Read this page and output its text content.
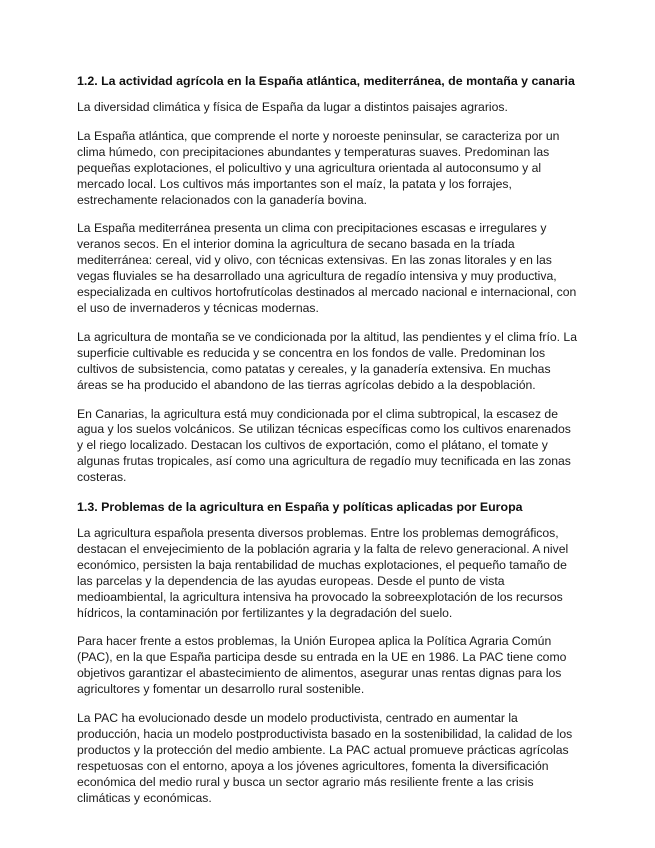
1.2. La actividad agrícola en la España atlántica, mediterránea, de montaña y canaria

La diversidad climática y física de España da lugar a distintos paisajes agrarios.

La España atlántica, que comprende el norte y noroeste peninsular, se caracteriza por un clima húmedo, con precipitaciones abundantes y temperaturas suaves. Predominan las pequeñas explotaciones, el policultivo y una agricultura orientada al autoconsumo y al mercado local. Los cultivos más importantes son el maíz, la patata y los forrajes, estrechamente relacionados con la ganadería bovina.

La España mediterránea presenta un clima con precipitaciones escasas e irregulares y veranos secos. En el interior domina la agricultura de secano basada en la tríada mediterránea: cereal, vid y olivo, con técnicas extensivas. En las zonas litorales y en las vegas fluviales se ha desarrollado una agricultura de regadío intensiva y muy productiva, especializada en cultivos hortofrutícolas destinados al mercado nacional e internacional, con el uso de invernaderos y técnicas modernas.

La agricultura de montaña se ve condicionada por la altitud, las pendientes y el clima frío. La superficie cultivable es reducida y se concentra en los fondos de valle. Predominan los cultivos de subsistencia, como patatas y cereales, y la ganadería extensiva. En muchas áreas se ha producido el abandono de las tierras agrícolas debido a la despoblación.

En Canarias, la agricultura está muy condicionada por el clima subtropical, la escasez de agua y los suelos volcánicos. Se utilizan técnicas específicas como los cultivos enarenados y el riego localizado. Destacan los cultivos de exportación, como el plátano, el tomate y algunas frutas tropicales, así como una agricultura de regadío muy tecnificada en las zonas costeras.

1.3. Problemas de la agricultura en España y políticas aplicadas por Europa

La agricultura española presenta diversos problemas. Entre los problemas demográficos, destacan el envejecimiento de la población agraria y la falta de relevo generacional. A nivel económico, persisten la baja rentabilidad de muchas explotaciones, el pequeño tamaño de las parcelas y la dependencia de las ayudas europeas. Desde el punto de vista medioambiental, la agricultura intensiva ha provocado la sobreexplotación de los recursos hídricos, la contaminación por fertilizantes y la degradación del suelo.

Para hacer frente a estos problemas, la Unión Europea aplica la Política Agraria Común (PAC), en la que España participa desde su entrada en la UE en 1986. La PAC tiene como objetivos garantizar el abastecimiento de alimentos, asegurar unas rentas dignas para los agricultores y fomentar un desarrollo rural sostenible.

La PAC ha evolucionado desde un modelo productivista, centrado en aumentar la producción, hacia un modelo postproductivista basado en la sostenibilidad, la calidad de los productos y la protección del medio ambiente. La PAC actual promueve prácticas agrícolas respetuosas con el entorno, apoya a los jóvenes agricultores, fomenta la diversificación económica del medio rural y busca un sector agrario más resiliente frente a las crisis climáticas y económicas.
